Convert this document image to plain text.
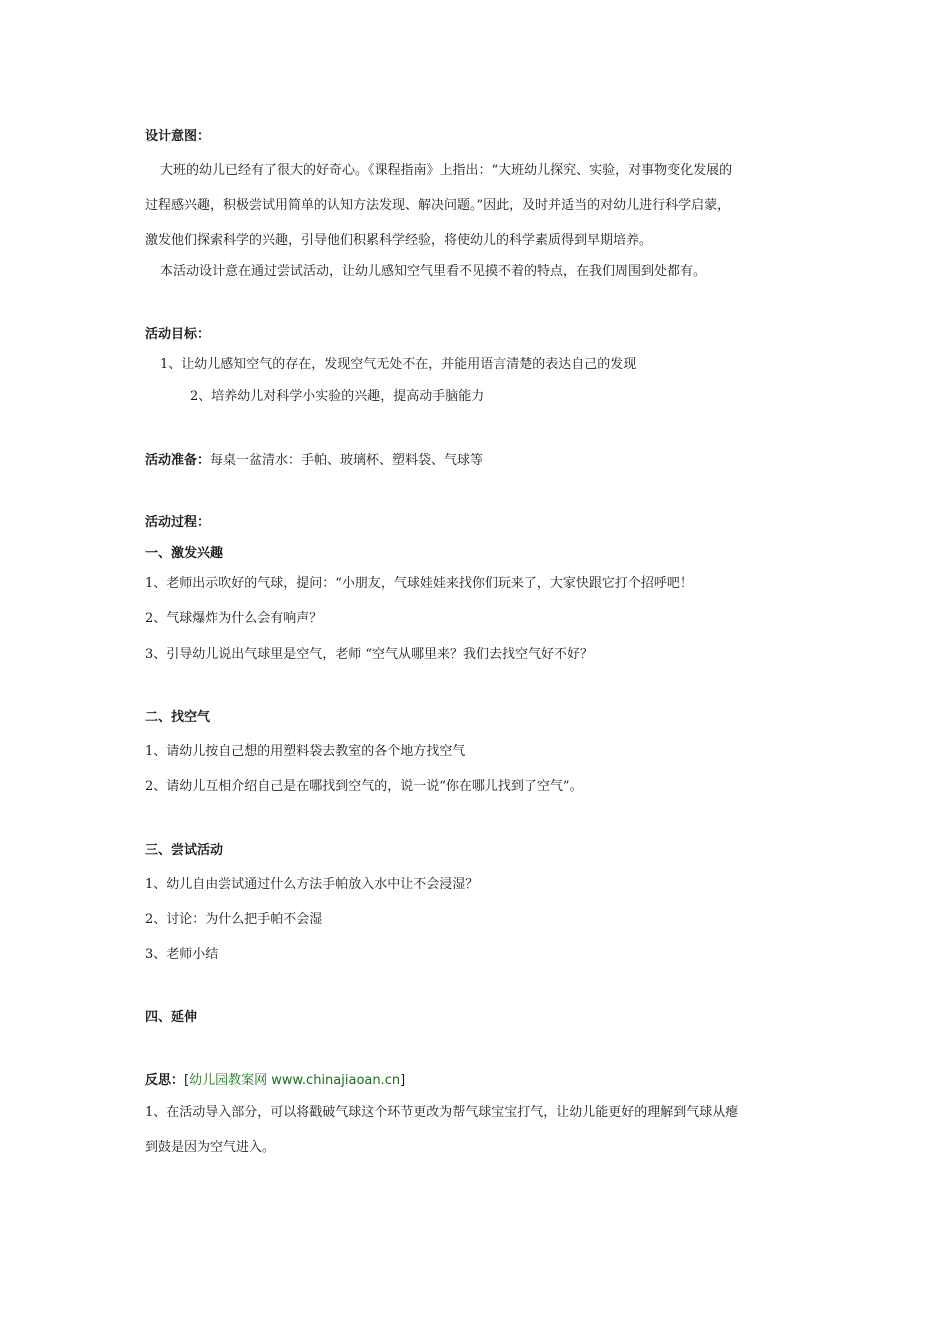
设计意图：
大班的幼儿已经有了很大的好奇心。《课程指南》上指出：“大班幼儿探究、实验，对事物变化发展的
过程感兴趣，积极尝试用简单的认知方法发现、解决问题。”因此，及时并适当的对幼儿进行科学启蒙，
激发他们探索科学的兴趣，引导他们积累科学经验，将使幼儿的科学素质得到早期培养。
本活动设计意在通过尝试活动，让幼儿感知空气里看不见摸不着的特点，在我们周围到处都有。
活动目标：
1、让幼儿感知空气的存在，发现空气无处不在，并能用语言清楚的表达自己的发现
2、培养幼儿对科学小实验的兴趣，提高动手脑能力
活动准备：每桌一盆清水：手帕、玻璃杯、塑料袋、气球等
活动过程：
一、激发兴趣
1、老师出示吹好的气球，提问：“小朋友，气球娃娃来找你们玩来了，大家快跟它打个招呼吧！
2、气球爆炸为什么会有响声？
3、引导幼儿说出气球里是空气，老师 “空气从哪里来？我们去找空气好不好？
二、找空气
1、请幼儿按自己想的用塑料袋去教室的各个地方找空气
2、请幼儿互相介绍自己是在哪找到空气的，说一说“你在哪儿找到了空气”。
三、尝试活动
1、幼儿自由尝试通过什么方法手帕放入水中让不会浸湿？
2、讨论：为什么把手帕不会湿
3、老师小结
四、延伸
反思：[幼儿园教案网 www.chinajiaoan.cn]
1、在活动导入部分，可以将戳破气球这个环节更改为帮气球宝宝打气，让幼儿能更好的理解到气球从瘪
到鼓是因为空气进入。
